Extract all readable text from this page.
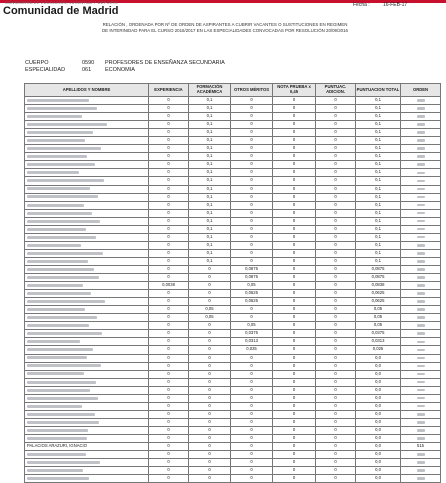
CONSEJERÍA DE EDUCACIÓN, JUVENTUD Y DEPORTE
Comunidad de Madrid	Fecha :	16-FEB-17
RELACIÓN , ORDENADA POR Nº DE ORDEN DE ASPIRANTES A CUBRIR VACANTES O SUSTITUCIONES EN REGIMEN
DE INTERINIDAD PARA EL CURSO 2016/2017 EN LAS ESPECIALIDADES CONVOCADAS POR RESOLUCIÓN 20/09/2016
CUERPO	0590 PROFESORES DE ENSEÑANZA SECUNDARIA
ESPECIALIDAD	061	ECONOMIA
APELLIDOS Y NOMBRE	EXPERIENCIA	FORMACIÓN ACADÉMICA	OTROS MÉRITOS	NOTA PRUEBA x 0,45	PUNTUAC. ADICION.	PUNTUACION TOTAL	ORDEN
	0	0,1	0	0	0	0,1	
	0	0,1	0	0	0	0,1	
	0	0,1	0	0	0	0,1	
	0	0,1	0	0	0	0,1	
	0	0,1	0	0	0	0,1	
	0	0,1	0	0	0	0,1	
	0	0,1	0	0	0	0,1	
	0	0,1	0	0	0	0,1	
	0	0,1	0	0	0	0,1	
	0	0,1	0	0	0	0,1	
	0	0,1	0	0	0	0,1	
	0	0,1	0	0	0	0,1	
	0	0,1	0	0	0	0,1	
	0	0,1	0	0	0	0,1	
	0	0,1	0	0	0	0,1	
	0	0,1	0	0	0	0,1	
	0	0,1	0	0	0	0,1	
	0	0,1	0	0	0	0,1	
	0	0,1	0	0	0	0,1	
	0	0,1	0	0	0	0,1	
	0	0,1	0	0	0	0,1	
	0	0	0,0875	0	0	0,0875	
	0	0	0,0875	0	0	0,0875	
	0,0038	0	0,05	0	0	0,0838	
	0	0	0,0625	0	0	0,0625	
	0	0	0,0625	0	0	0,0625	
	0	0,05	0	0	0	0,05	
	0	0,05	0	0	0	0,05	
	0	0	0,05	0	0	0,05	
	0	0	0,0375	0	0	0,0375	
	0	0	0,0313	0	0	0,0313	
	0	0	0,025	0	0	0,025	
	0	0	0	0	0	0,0	
	0	0	0	0	0	0,0	
	0	0	0	0	0	0,0	
	0	0	0	0	0	0,0	
	0	0	0	0	0	0,0	
	0	0	0	0	0	0,0	
	0	0	0	0	0	0,0	
	0	0	0	0	0	0,0	
	0	0	0	0	0	0,0	
	0	0	0	0	0	0,0	
	0	0	0	0	0	0,0	
PALACIOS ARAZURI, IGNACIO	0	0	0	0	0	0,0	515
	0	0	0	0	0	0,0	
	0	0	0	0	0	0,0	
	0	0	0	0	0	0,0	
	0	0	0	0	0	0,0	
